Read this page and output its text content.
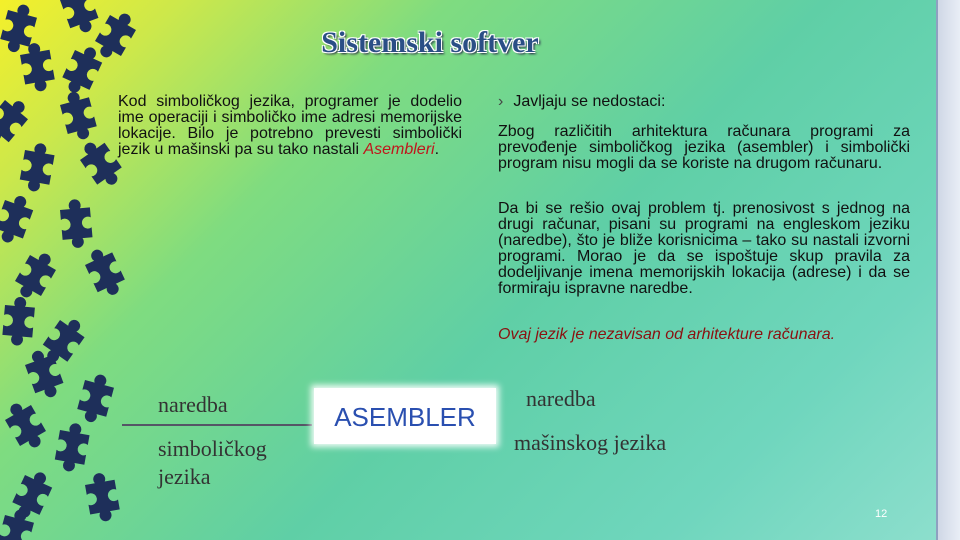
Sistemski softver
Kod simboličkog jezika, programer je dodelio ime operaciji i simboličko ime adresi memorijske lokacije. Bilo je potrebno prevesti simbolički jezik u mašinski pa su tako nastali Asembleri.
› Javljaju se nedostaci:
Zbog različitih arhitektura računara programi za prevođenje simboličkog jezika (asembler) i simbolički program nisu mogli da se koriste na drugom računaru.
Da bi se rešio ovaj problem tj. prenosivost s jednog na drugi računar, pisani su programi na engleskom jeziku (naredbe), što je bliže korisnicima – tako su nastali izvorni programi. Morao je da se ispoštuje skup pravila za dodeljivanje imena memorijskih lokacija (adrese) i da se formiraju ispravne naredbe.
Ovaj jezik je nezavisan od arhitekture računara.
naredba
simboličkog
jezika
ASEMBLER
naredba
mašinskog jezika
12
